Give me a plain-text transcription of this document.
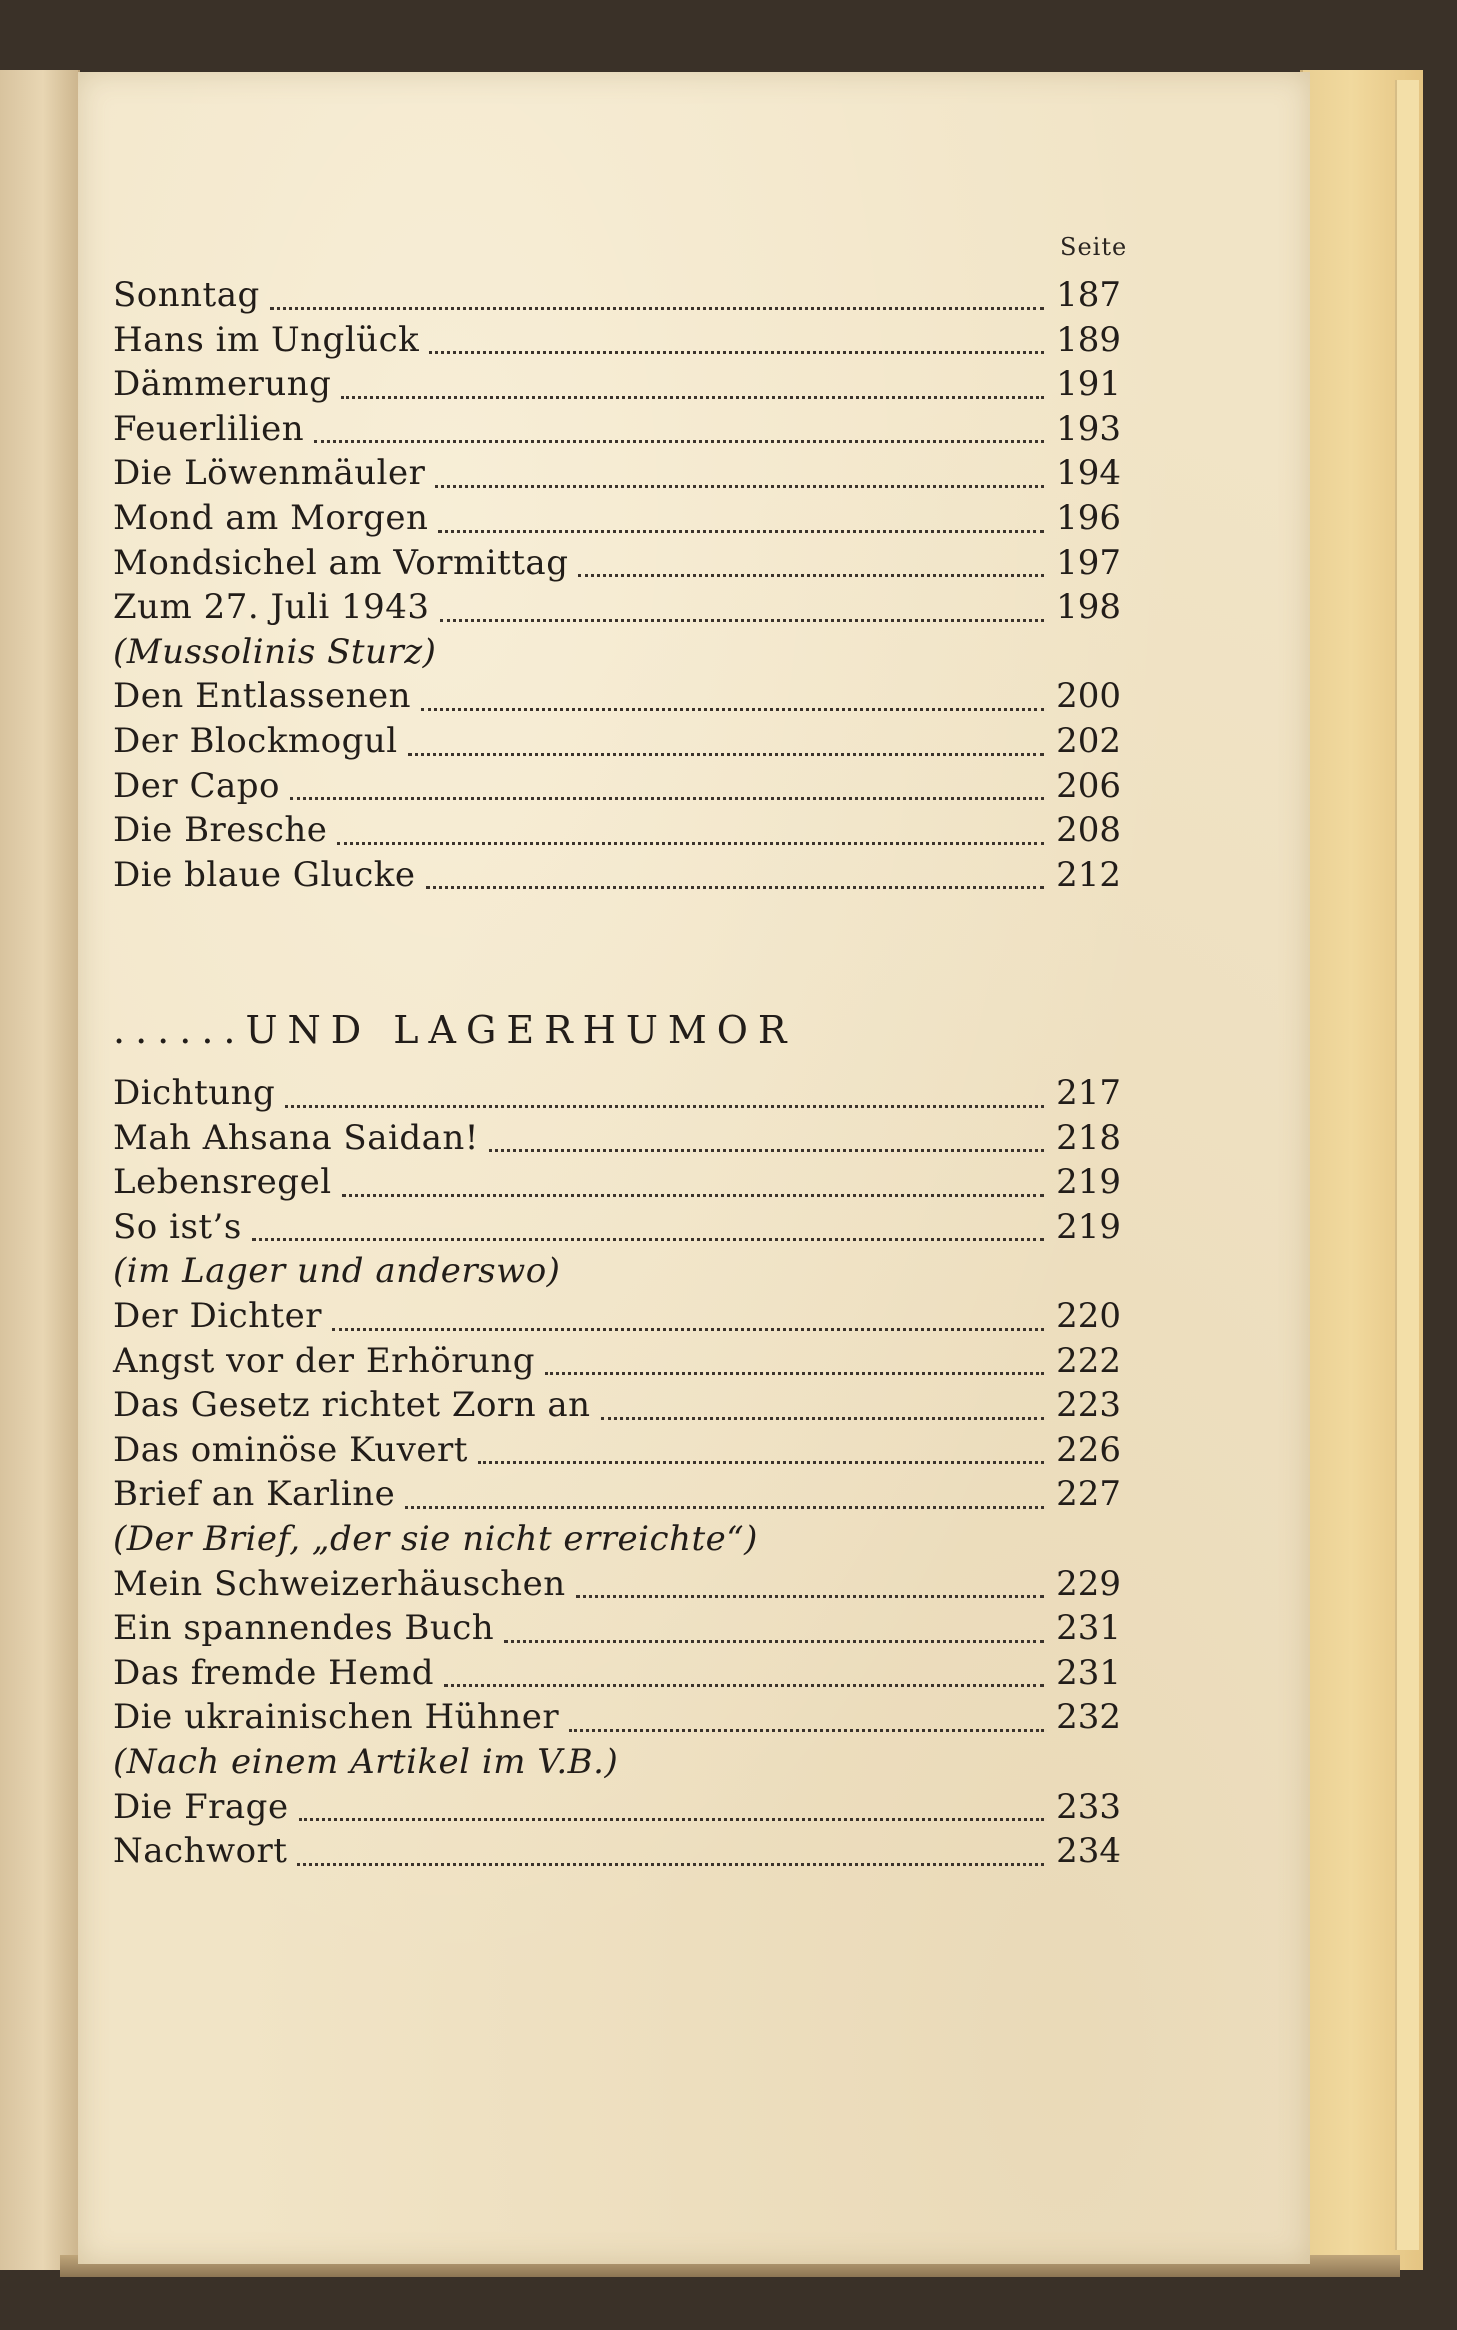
Seite
Sonntag	187
Hans im Unglück	189
Dämmerung	191
Feuerlilien	193
Die Löwenmäuler	194
Mond am Morgen	196
Mondsichel am Vormittag	197
Zum 27. Juli 1943	198
(Mussolinis Sturz)
Den Entlassenen	200
Der Blockmogul	202
Der Capo	206
Die Bresche	208
Die blaue Glucke	212
......UND LAGERHUMOR
Dichtung	217
Mah Ahsana Saidan!	218
Lebensregel	219
So ist’s	219
(im Lager und anderswo)
Der Dichter	220
Angst vor der Erhörung	222
Das Gesetz richtet Zorn an	223
Das ominöse Kuvert	226
Brief an Karline	227
(Der Brief, „der sie nicht erreichte“)
Mein Schweizerhäuschen	229
Ein spannendes Buch	231
Das fremde Hemd	231
Die ukrainischen Hühner	232
(Nach einem Artikel im V.B.)
Die Frage	233
Nachwort	234
